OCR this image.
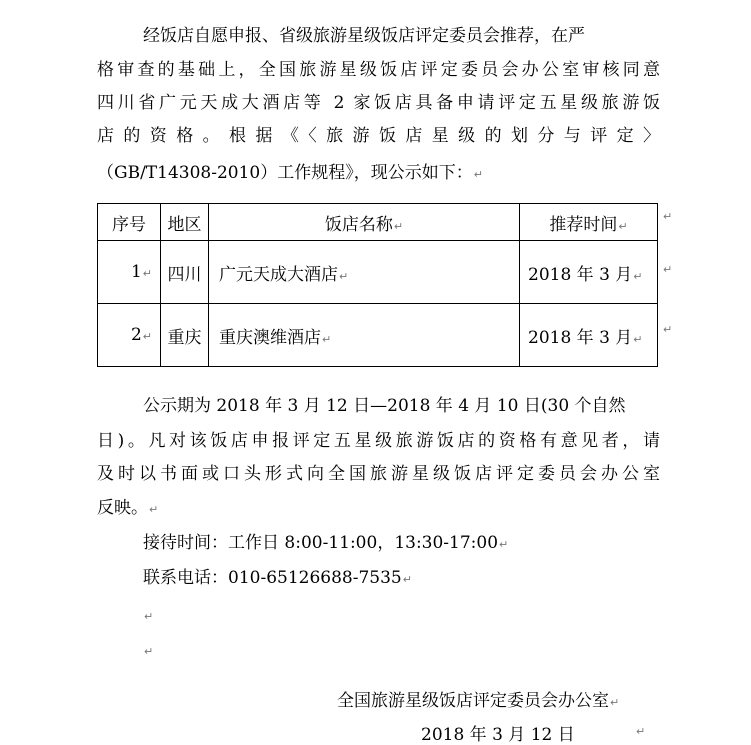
经饭店自愿申报、省级旅游星级饭店评定委员会推荐，在严
格审查的基础上，全国旅游星级饭店评定委员会办公室审核同意
四川省广元天成大酒店等 2 家饭店具备申请评定五星级旅游饭
店的资格。根据《〈旅游饭店星级的划分与评定〉
（GB/T14308-2010）工作规程》，现公示如下：↵
序号	地区	饭店名称↵	推荐时间↵
1↵	四川	广元天成大酒店↵	2018 年 3 月↵
2↵	重庆	重庆澳维酒店↵	2018 年 3 月↵
↵
↵
↵
公示期为 2018 年 3 月 12 日—2018 年 4 月 10 日(30 个自然
日)。凡对该饭店申报评定五星级旅游饭店的资格有意见者，请
及时以书面或口头形式向全国旅游星级饭店评定委员会办公室
反映。↵
接待时间：工作日 8:00-11:00，13:30-17:00↵
联系电话：010-65126688-7535↵
↵
↵
全国旅游星级饭店评定委员会办公室↵
2018 年 3 月 12 日	↵
